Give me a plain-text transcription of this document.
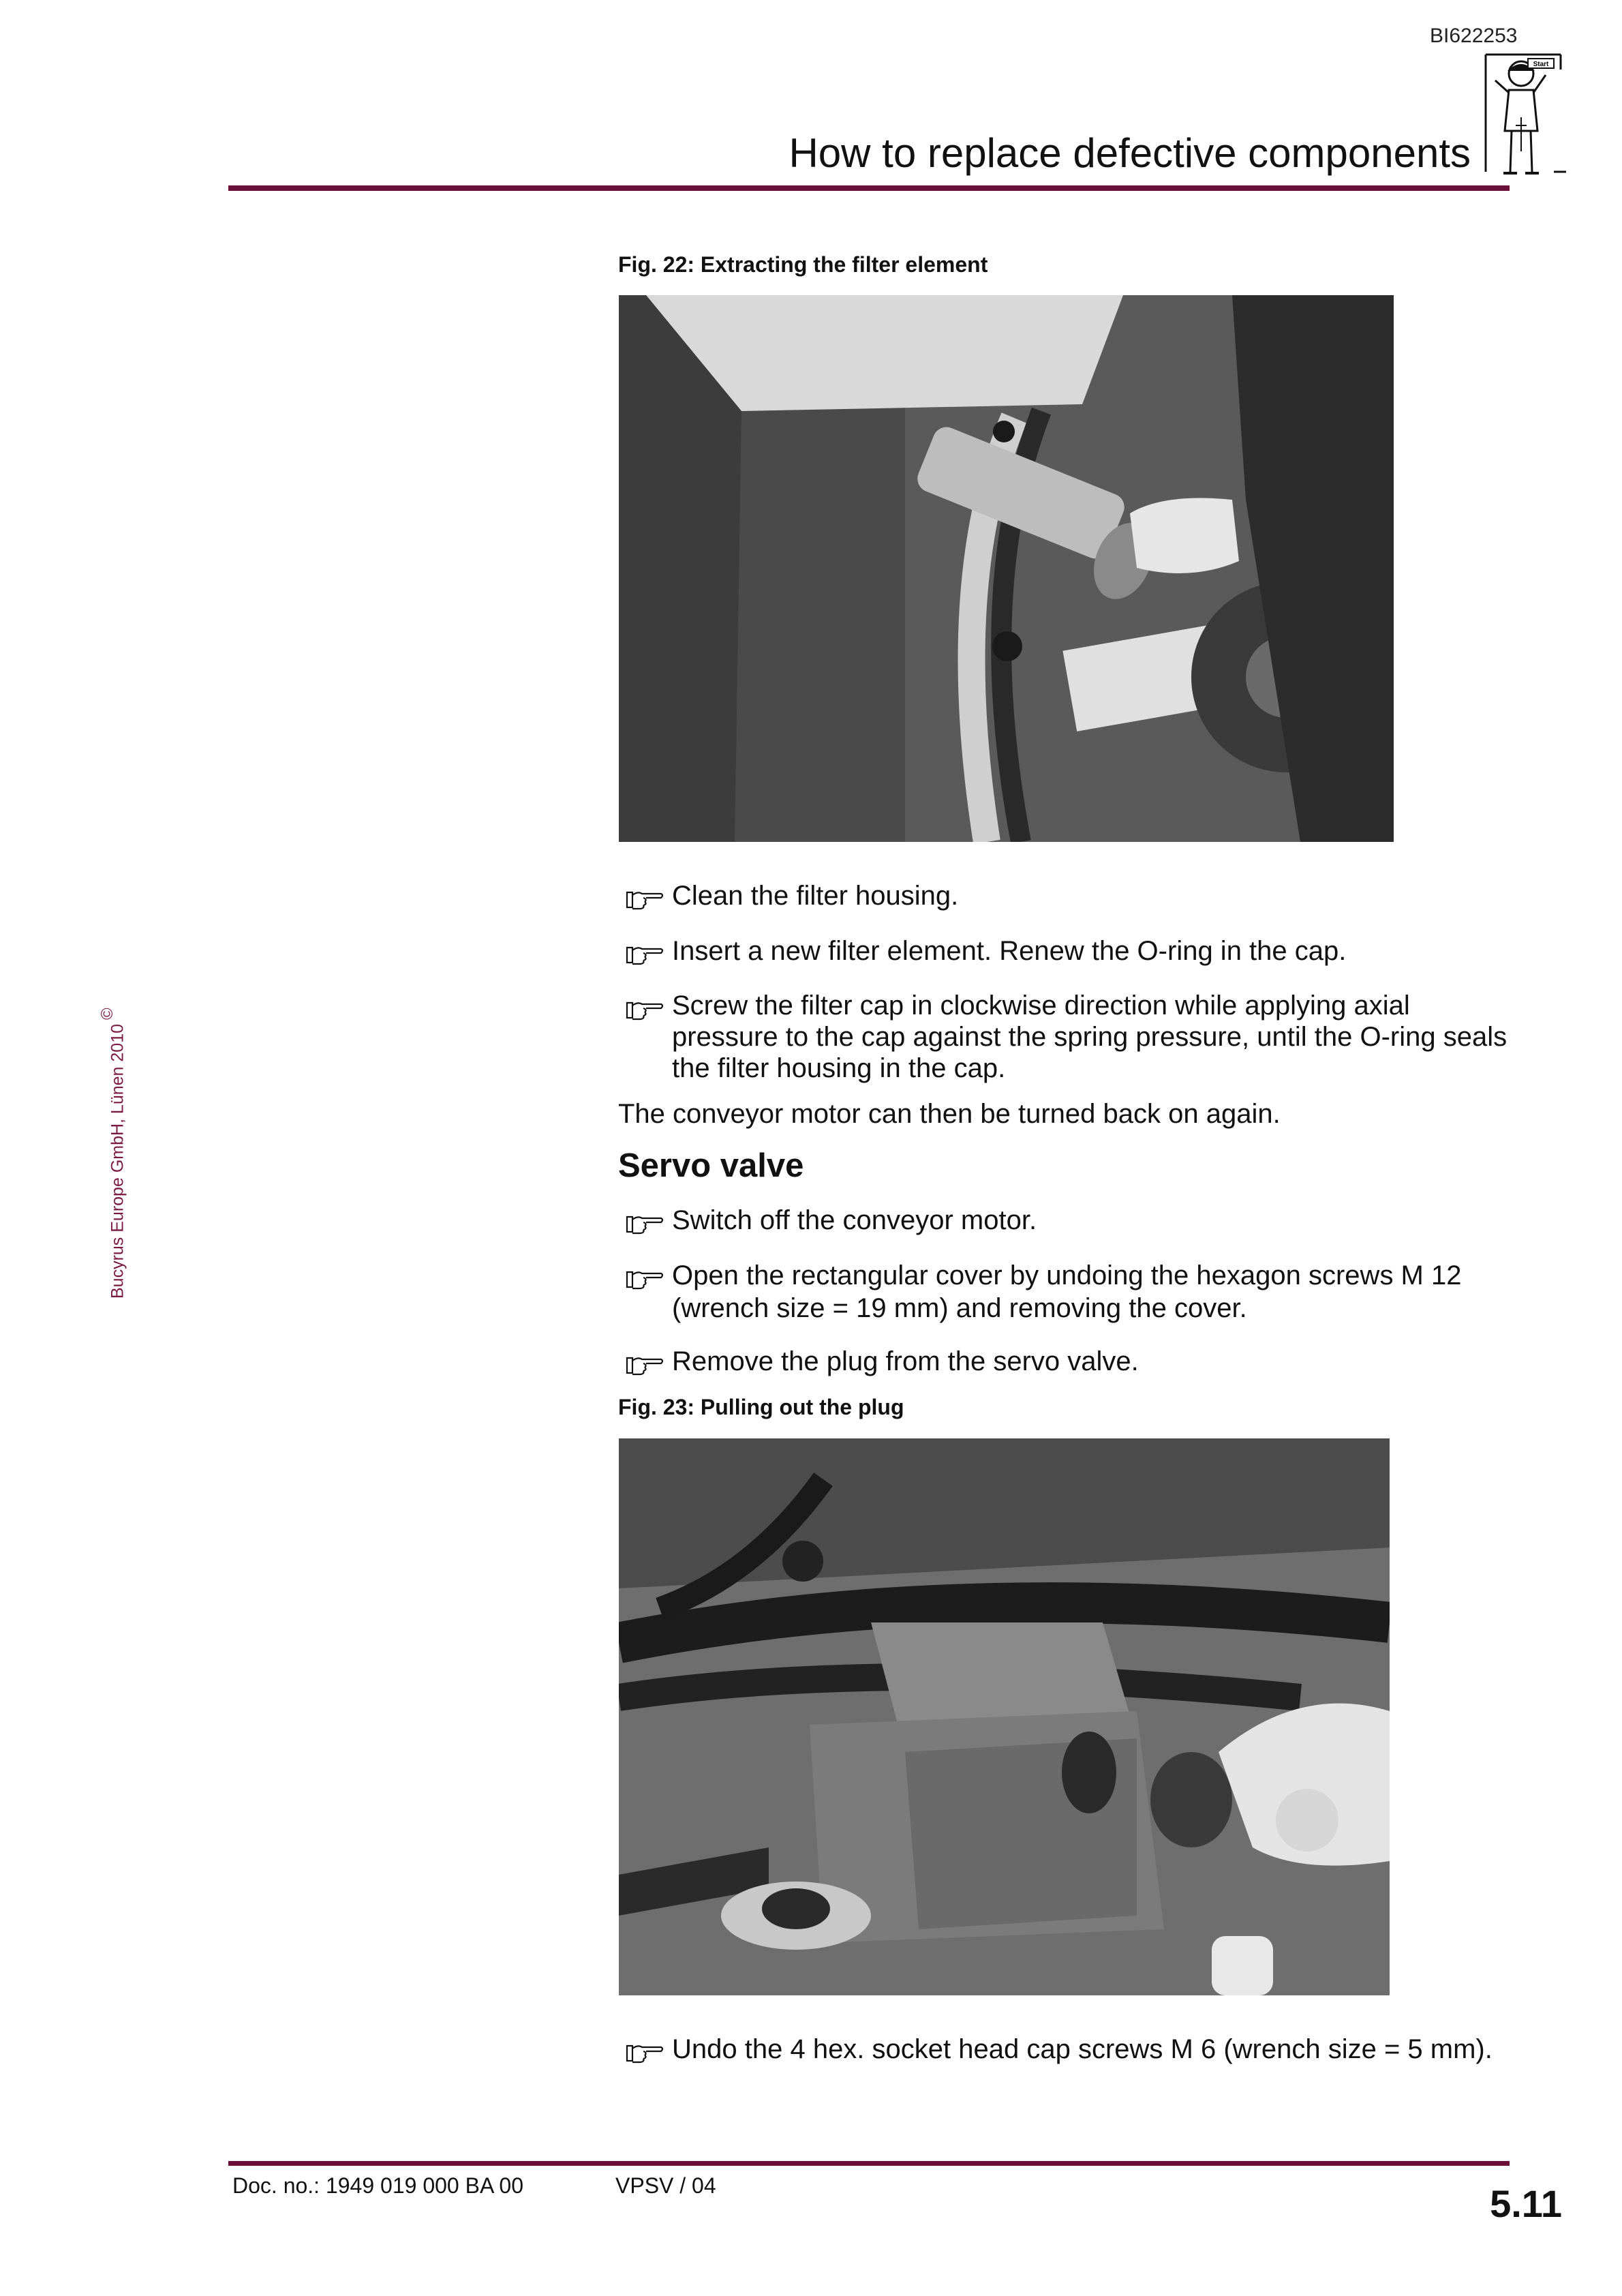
BI622253
Start
How to replace defective components
Bucyrus Europe GmbH, Lünen 2010©
Fig. 22: Extracting the filter element
Clean the filter housing.
Insert a new filter element. Renew the O-ring in the cap.
Screw the filter cap in clockwise direction while applying axial pressure to the cap against the spring pressure, until the O-ring seals the filter housing in the cap.
The conveyor motor can then be turned back on again.
Servo valve
Switch off the conveyor motor.
Open the rectangular cover by undoing the hexagon screws M 12 (wrench size = 19 mm) and removing the cover.
Remove the plug from the servo valve.
Fig. 23: Pulling out the plug
Undo the 4 hex. socket head cap screws M 6 (wrench size = 5 mm).
Doc. no.: 1949 019 000 BA 00	VPSV / 04	5.11
